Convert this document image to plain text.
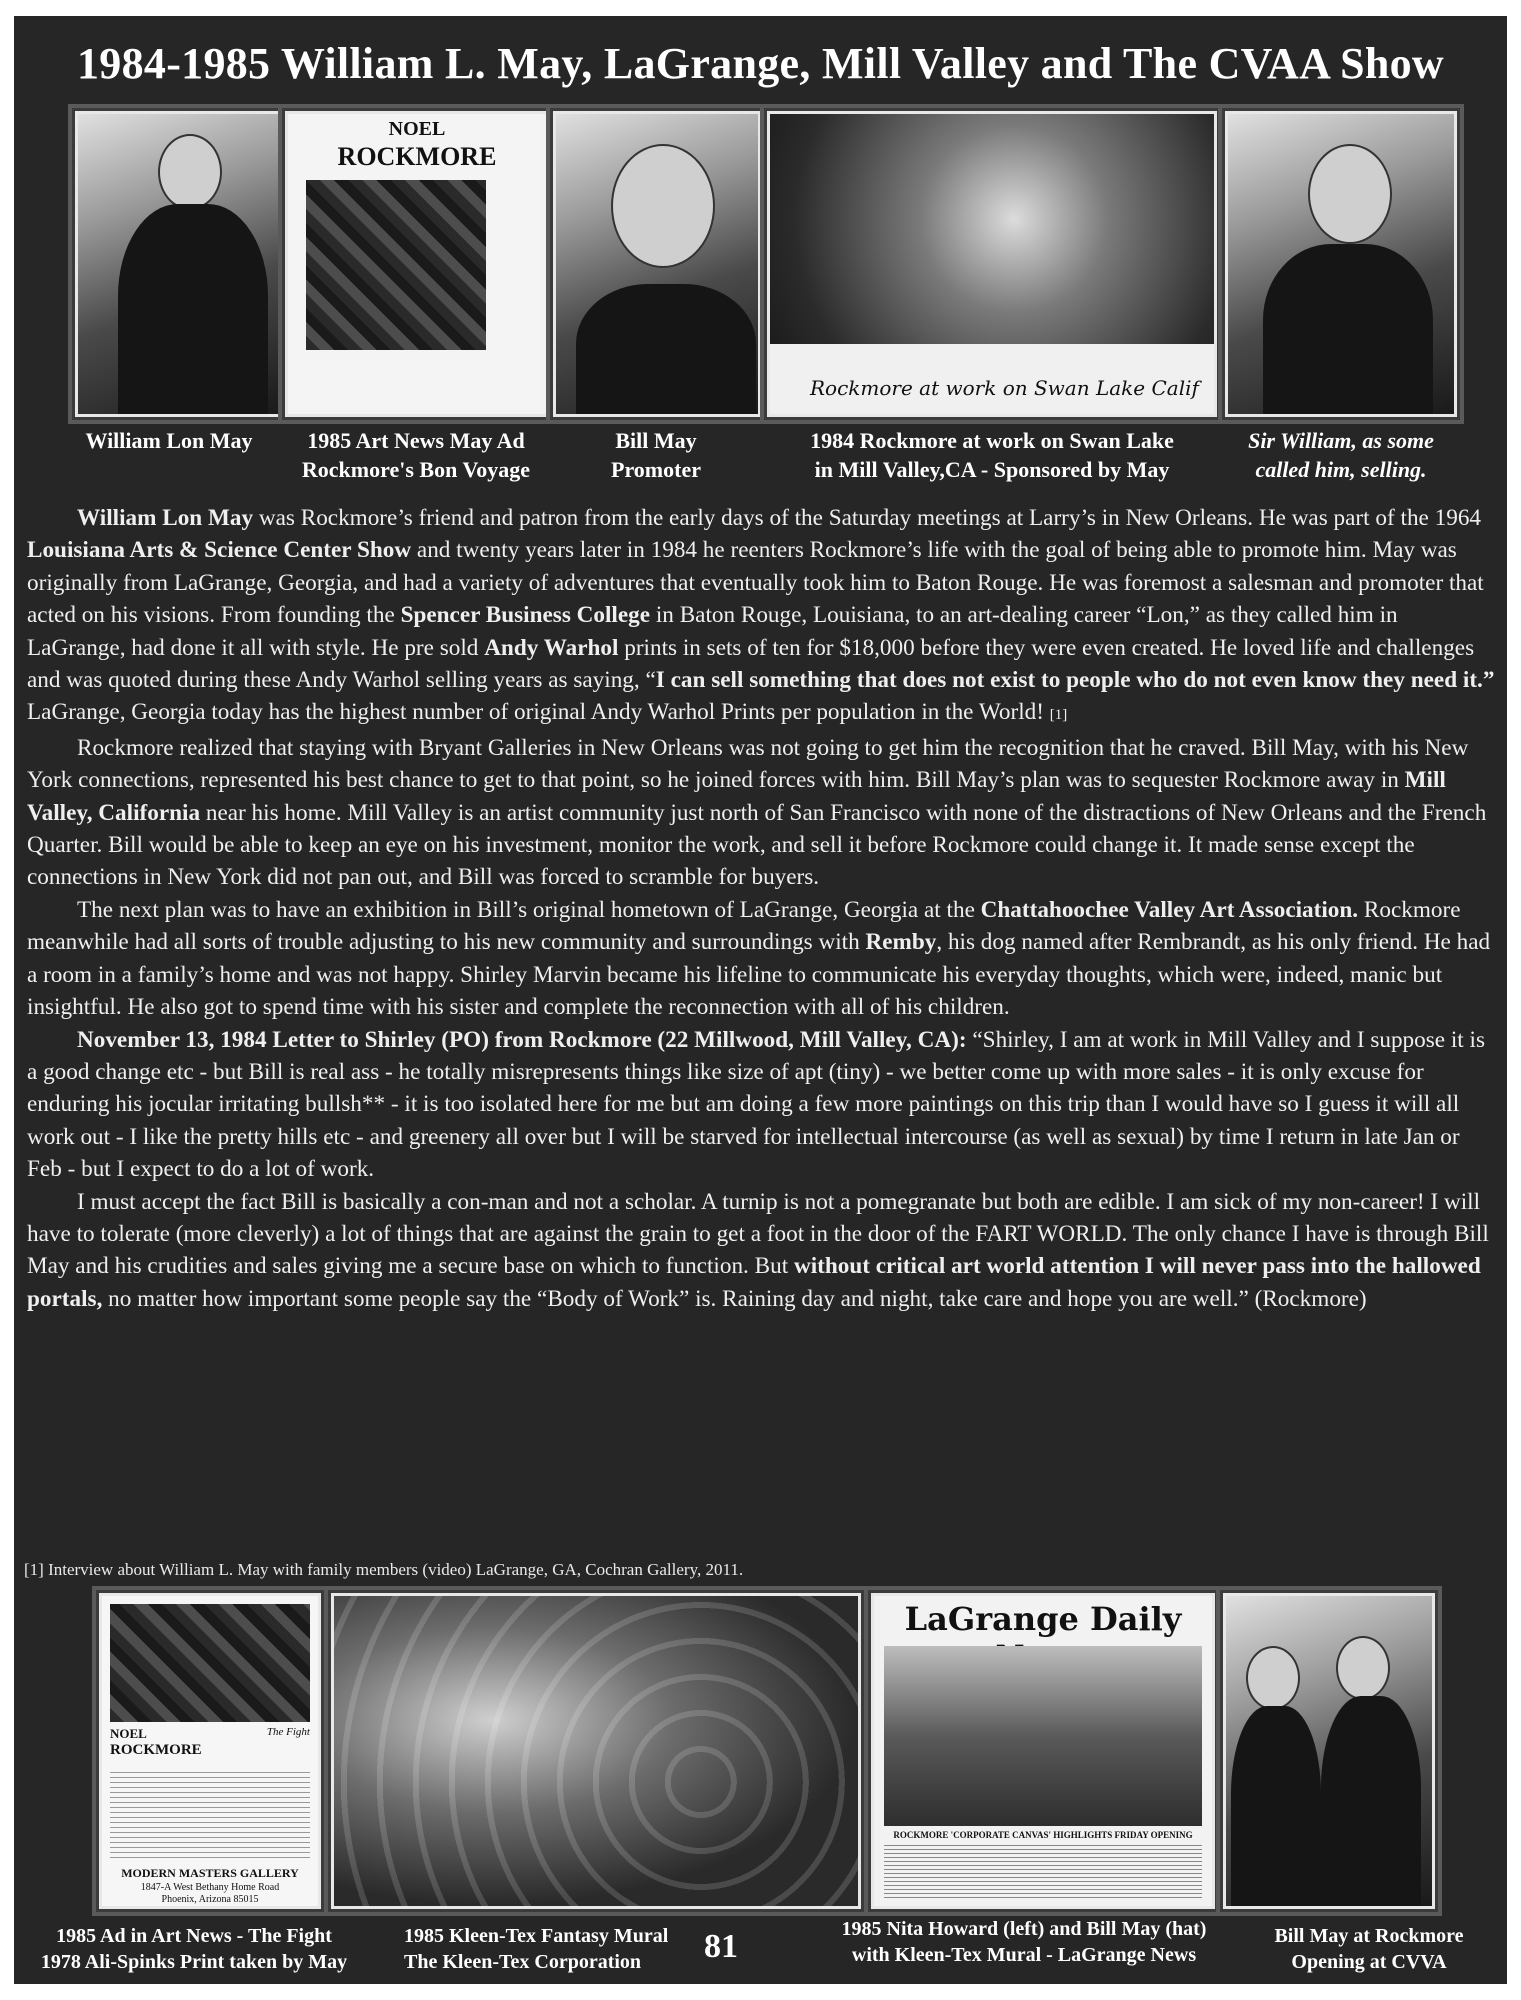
1984-1985 William L. May, LaGrange, Mill Valley and The CVAA Show
NOEL
ROCKMORE
Rockmore at work on Swan Lake Calif
William Lon May	1985 Art News May Ad
Rockmore's Bon Voyage
Bill May
Promoter
1984 Rockmore at work on Swan Lake
in Mill Valley,CA - Sponsored by May
Sir William, as some
called him, selling.

William Lon May was Rockmore’s friend and patron from the early days of the Saturday meetings at Larry’s in New Orleans. He was part of the 1964 Louisiana Arts & Science Center Show and twenty years later in 1984 he reenters Rockmore’s life with the goal of being able to promote him. May was originally from LaGrange, Georgia, and had a variety of adventures that eventually took him to Baton Rouge. He was foremost a salesman and promoter that acted on his visions. From founding the Spencer Business College in Baton Rouge, Louisiana, to an art-dealing career “Lon,” as they called him in LaGrange, had done it all with style. He pre sold Andy Warhol prints in sets of ten for $18,000 before they were even created. He loved life and challenges and was quoted during these Andy Warhol selling years as saying, “I can sell something that does not exist to people who do not even know they need it.” LaGrange, Georgia today has the highest number of original Andy Warhol Prints per population in the World! [1]

Rockmore realized that staying with Bryant Galleries in New Orleans was not going to get him the recognition that he craved. Bill May, with his New York connections, represented his best chance to get to that point, so he joined forces with him. Bill May’s plan was to sequester Rockmore away in Mill Valley, California near his home. Mill Valley is an artist community just north of San Francisco with none of the distractions of New Orleans and the French Quarter. Bill would be able to keep an eye on his investment, monitor the work, and sell it before Rockmore could change it. It made sense except the connections in New York did not pan out, and Bill was forced to scramble for buyers.

The next plan was to have an exhibition in Bill’s original hometown of LaGrange, Georgia at the Chattahoochee Valley Art Association. Rockmore meanwhile had all sorts of trouble adjusting to his new community and surroundings with Remby, his dog named after Rembrandt, as his only friend. He had a room in a family’s home and was not happy. Shirley Marvin became his lifeline to communicate his everyday thoughts, which were, indeed, manic but insightful. He also got to spend time with his sister and complete the reconnection with all of his children.

November 13, 1984 Letter to Shirley (PO) from Rockmore (22 Millwood, Mill Valley, CA): “Shirley, I am at work in Mill Valley and I suppose it is a good change etc - but Bill is real ass - he totally misrepresents things like size of apt (tiny) - we better come up with more sales - it is only excuse for enduring his jocular irritating bullsh** - it is too isolated here for me but am doing a few more paintings on this trip than I would have so I guess it will all work out - I like the pretty hills etc - and greenery all over but I will be starved for intellectual intercourse (as well as sexual) by time I return in late Jan or Feb - but I expect to do a lot of work.

I must accept the fact Bill is basically a con-man and not a scholar. A turnip is not a pomegranate but both are edible. I am sick of my non-career! I will have to tolerate (more cleverly) a lot of things that are against the grain to get a foot in the door of the FART WORLD. The only chance I have is through Bill May and his crudities and sales giving me a secure base on which to function. But without critical art world attention I will never pass into the hallowed portals, no matter how important some people say the “Body of Work” is. Raining day and night, take care and hope you are well.” (Rockmore)

[1] Interview about William L. May with family members (video) LaGrange, GA, Cochran Gallery, 2011.
NOEL
ROCKMORE
The Fight
MODERN MASTERS GALLERY
1847-A West Bethany Home Road
Phoenix, Arizona 85015
LaGrange Daily
ROCKMORE 'CORPORATE CANVAS' HIGHLIGHTS FRIDAY OPENING
1985 Ad in Art News - The Fight
1978 Ali-Spinks Print taken by May
1985 Kleen-Tex Fantasy Mural
The Kleen-Tex Corporation	81	1985 Nita Howard (left) and Bill May (hat)
with Kleen-Tex Mural - LaGrange News
Bill May at Rockmore
Opening at CVVA
